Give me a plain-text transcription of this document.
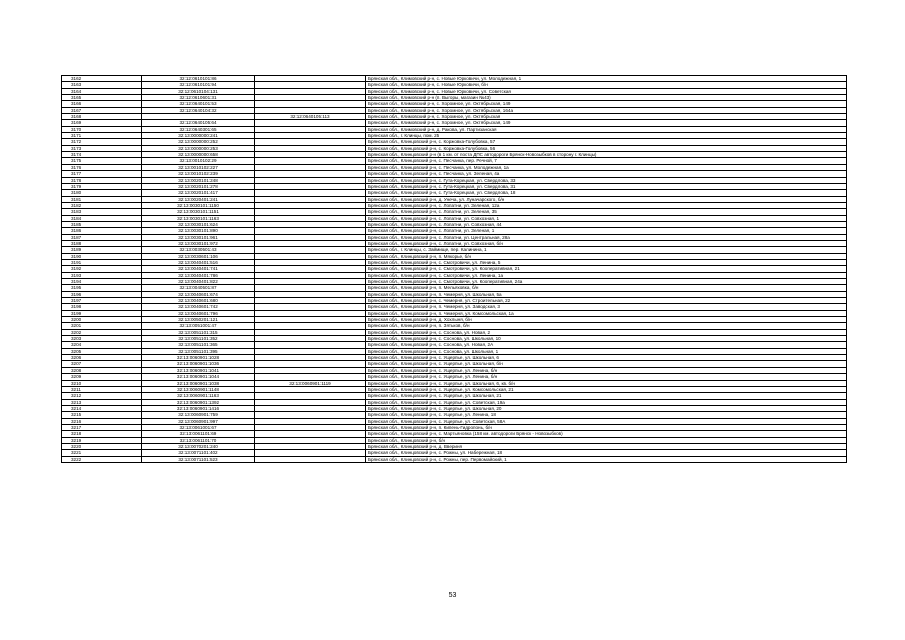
3162	32:12:0610101:86		Брянская обл., Климовский р-н, с. Новые Юрковичи, ул. Молодежная, 1
3163	32:12:0610101:94		Брянская обл., Климовский р-н, с. Новые Юрковичи, б/н
3164	32:12:0610104:131		Брянская обл., Климовский р-н, с. Новые Юрковичи, ул. Советская
3165	32:12:0610601:31		Брянская обл., Климовский р-н (п. Выгоры, магазин №43)
3166	32:12:0640101:53		Брянская обл., Климовский р-н, с. Хоромное, ул. Октябрьская, 149
3167	32:12:0640104:32		Брянская обл., Климовский р-н, с. Хоромное, ул. Октябрьская, 164а
3168		32:12:0640105:113	Брянская обл., Климовский р-н, с. Хоромное, ул. Октябрьская
3169	32:12:0640105:64		Брянская обл., Климовский р-н, с. Хоромное, ул. Октябрьская, 149
3170	32:12:0640301:65		Брянская обл., Климовский р-н, д. Ракова, ул. Партизанская
3171	32:13:0000000:241		Брянская обл., г. Клинцы, пом. 25
3172	32:13:0000000:252		Брянская обл., Клинцовский р-н, с. Коржовка-Голубовка, 57
3173	32:13:0000000:253		Брянская обл., Клинцовский р-н, с. Коржовка-Голубовка, 56
3174	32:13:0000000:658		Брянская обл., Клинцовский р-н (в 1 км. от поста ДПС автодороги Брянск-Новозыбков в сторону г. Клинцы)
3175	32:13:0010102:29		Брянская обл., Клинцовский р-н, с. Песчанка, пер. Речной, 7
3176	32:13:0010102:227		Брянская обл., Клинцовский р-н, с. Песчанка, ул. Молодежная, 1а
3177	32:13:0010102:239		Брянская обл., Клинцовский р-н, с. Песчанка, ул. Зеленая, 4а
3178	32:13:0020101:248		Брянская обл., Клинцовский р-н, с. Гута-Корецкая, ул. Свердлова, 33
3179	32:13:0020101:278		Брянская обл., Клинцовский р-н, с. Гута-Корецкая, ул. Свердлова, 31
3180	32:13:0020101:417		Брянская обл., Клинцовский р-н, с. Гута-Корецкая, ул. Свердлова, 18
3181	32:13:0020401:241		Брянская обл., Клинцовский р-н, д. Унеча, ул. Луначарского, б/н
3182	32:13:0030101:1150		Брянская обл., Клинцовский р-н, с. Лопатни, ул. Зеленая, 12а
3183	32:13:0030101:1151		Брянская обл., Клинцовский р-н, с. Лопатни, ул. Зеленая, 35
3184	32:13:0030101:1163		Брянская обл., Клинцовский р-н, с. Лопатни, ул. Совхозная, 1
3185	32:13:0030101:624		Брянская обл., Клинцовский р-н, с. Лопатни, ул. Совхозная, 44
3186	32:13:0030101:890		Брянская обл., Клинцовский р-н, с. Лопатни, ул. Зеленая, 1
3187	32:13:0030101:961		Брянская обл., Клинцовский р-н, с. Лопатни, ул. Центральная, 28а
3188	32:13:0030101:972		Брянская обл., Клинцовский р-н, с. Лопатни, ул. Совхозная, б/н
3189	32:13:0030501:43		Брянская обл., г. Клинцы, с. Займище, пер. Калинина, 1
3190	32:13:0030601:106		Брянская обл., Клинцовский р-н, п. Мякорье, б/н
3191	32:13:0040401:516		Брянская обл., Клинцовский р-н, с. Смотровичи, ул. Ленина, 5
3192	32:13:0040401:741		Брянская обл., Клинцовский р-н, с. Смотровичи, ул. Кооперативная, 21
3193	32:13:0040401:786		Брянская обл., Клинцовский р-н, с. Смотровичи, ул. Ленина, 1а
3194	32:13:0040401:822		Брянская обл., Клинцовский р-н, с. Смотровичи, ул. Кооперативная, 24а
3195	32:13:0040501:87		Брянская обл., Клинцовский р-н, п. Мельяховка, б/н
3196	32:13:0040601:674		Брянская обл., Клинцовский р-н, п. Чемерня, ул. Школьная, 5а
3197	32:13:0040601:680		Брянская обл., Клинцовский р-н, с. Чемерня, ул. Строительная, 22
3198	32:13:0040601:742		Брянская обл., Клинцовский р-н, п. Чемерня, ул. Заводская, 3
3199	32:13:0040601:796		Брянская обл., Клинцовский р-н, п. Чемерня, ул. Комсомольская, 1а
3200	32:13:0050201:121		Брянская обл., Клинцовский р-н, д. Хохлыня, б/н
3201	32:13:0051001:47		Брянская обл., Клинцовский р-н, п. Зятьков, б/н
3202	32:13:0051101:315		Брянская обл., Клинцовский р-н, с. Соснова, ул. Новая, 2
3203	32:13:0051101:352		Брянская обл., Клинцовский р-н, с. Соснова, ул. Школьная, 10
3204	32:13:0051101:365		Брянская обл., Клинцовский р-н, с. Соснова, ул. Новая, 2А
3205	32:13:0051101:395		Брянская обл., Клинцовский р-н, с. Соснова, ул. Школьная, 1
3206	32:13:0060901:1028		Брянская обл., Клинцовский р-н, с. Ущерпье, ул. Школьная, 6
3207	32:13:0060901:1036		Брянская обл., Клинцовский р-н, с. Ущерпье, ул. Школьная, б/н
3208	32:13:0060901:1041		Брянская обл., Клинцовский р-н, с. Ущерпье, ул. Ленина, б/н
3209	32:13:0060901:1044		Брянская обл., Клинцовский р-н, с. Ущерпье, ул. Ленина, б/н
3210	32:13:0060901:1038	32:13:0060901:1119	Брянская обл., Клинцовский р-н, с. Ущерпье, ул. Школьная, 6, кв. б/н
3211	32:13:0060901:1148		Брянская обл., Клинцовский р-н, с. Ущерпье, ул. Комсомольская, 21
3212	32:13:0060901:1163		Брянская обл., Клинцовский р-н, с. Ущерпье, ул. Школьная, 21
3213	32:13:0060901:1392		Брянская обл., Клинцовский р-н, с. Ущерпье, ул. Советская, 19а
3214	32:13:0060901:1416		Брянская обл., Клинцовский р-н, с. Ущерпье, ул. Школьная, 20
3215	32:13:0060901:759		Брянская обл., Клинцовский р-н, с. Ущерпье, ул. Ленина, 18
3216	32:13:0060901:997		Брянская обл., Клинцовский р-н, с. Ущерпье, ул. Советская, 58А
3217	32:13:0061001:67		Брянская обл., Клинцовский р-н, п. Кипень-Гидропонь, б/н
3218	32:13:0061101:69		Брянская обл., Клинцовский р-н, с. Мартьяновка (158 км. автодороги Брянск - Новозыбков)
3219	32:13:0061101:70		Брянская обл., Клинцовский р-н, б/н
3220	32:13:0070201:240		Брянская обл., Клинцовский р-н, д. Ввериня
3221	32:13:0071101:402		Брянская обл., Клинцовский р-н, с. Рожны, ул. Набережная, 18
3222	32:13:0071101:523		Брянская обл., Клинцовский р-н, с. Рожны, пер. Первомайский, 1
53
